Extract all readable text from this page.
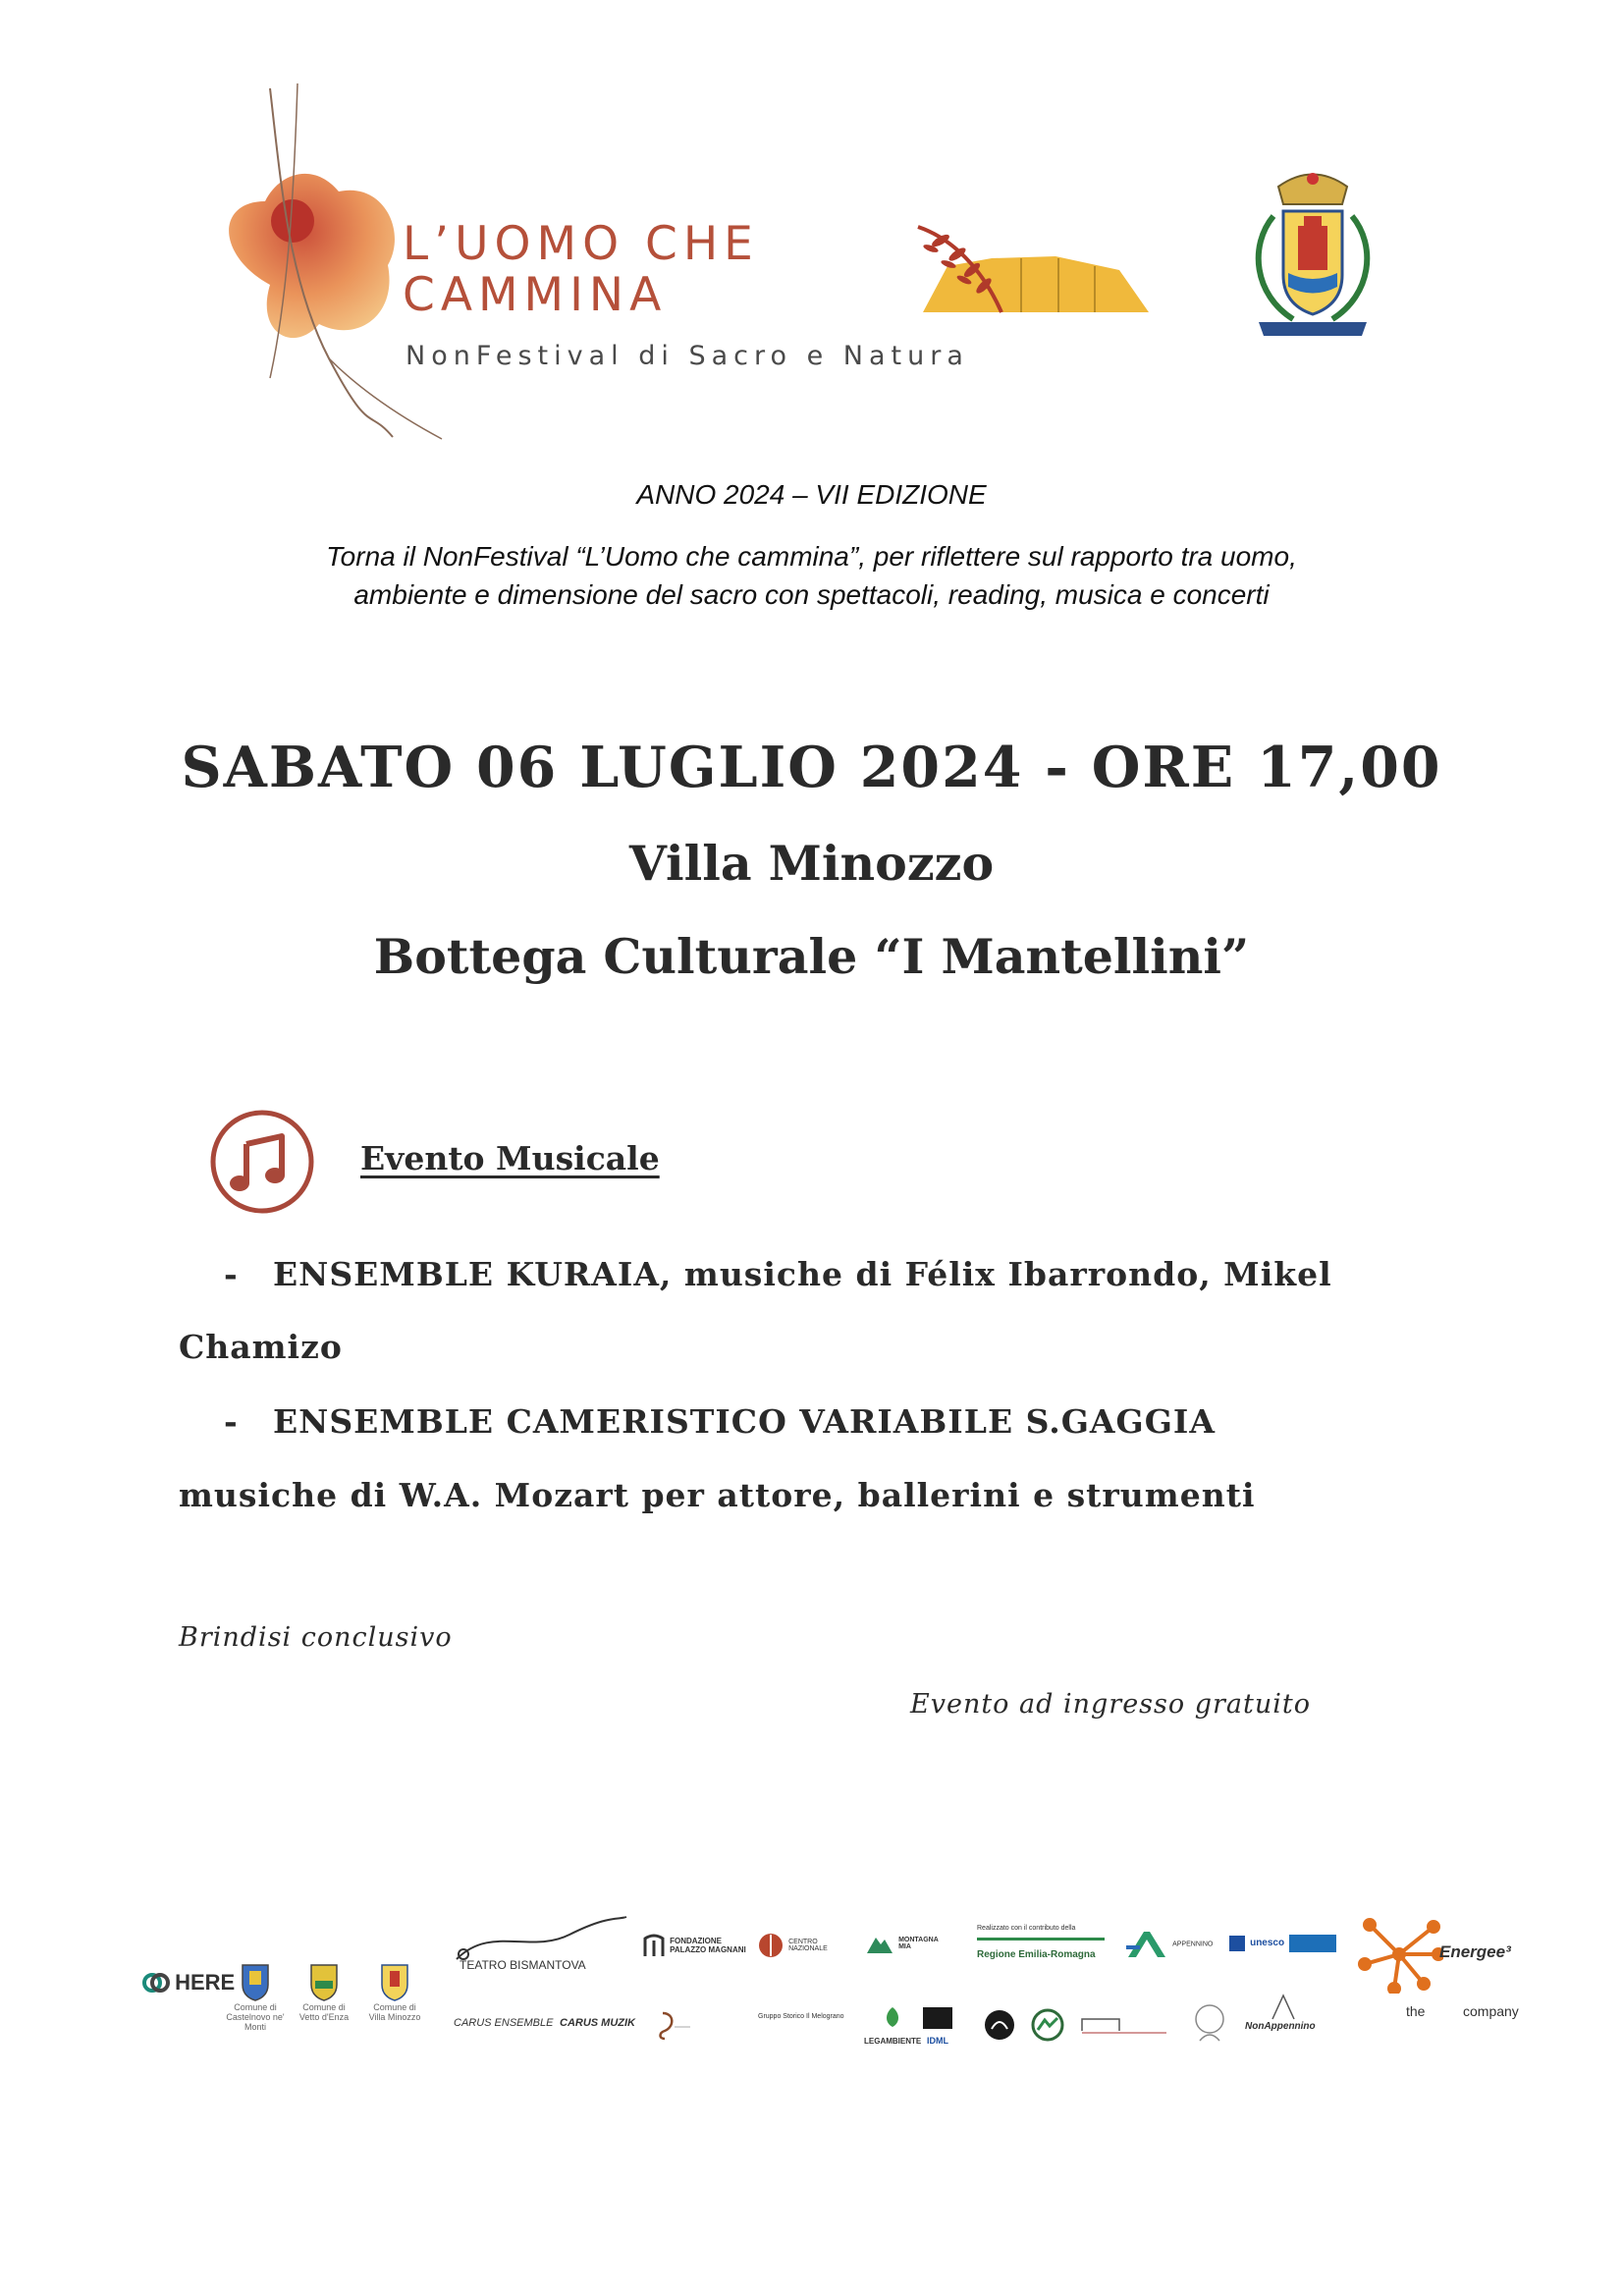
L’UOMO CHE
CAMMINA
NonFestival di Sacro e Natura
ANNO 2024 – VII EDIZIONE
Torna il NonFestival “L’Uomo che cammina”, per riflettere sul rapporto tra uomo,
ambiente e dimensione del sacro con spettacoli, reading, musica e concerti
SABATO 06 LUGLIO 2024 - ORE 17,00
Villa Minozzo
Bottega Culturale “I Mantellini”
Evento Musicale
- ENSEMBLE KURAIA, musiche di Félix Ibarrondo, Mikel
Chamizo
- ENSEMBLE CAMERISTICO VARIABILE S.GAGGIA
musiche di W.A. Mozart per attore, ballerini e strumenti
Brindisi conclusivo
Evento ad ingresso gratuito
HERE
Comune di Castelnovo ne' Monti
Comune di Vetto d'Enza
Comune di Villa Minozzo
TEATRO BISMANTOVA
FONDAZIONE PALAZZO MAGNANI
CENTRO NAZIONALE
MONTAGNA MIA
Realizzato con il contributo della
Regione Emilia-Romagna
APPENNINO	unesco	Energee³
the	company
CARUS ENSEMBLE CARUS MUZIK
Gruppo Storico Il Melograno
LEGAMBIENTE IDML
NonAppennino
